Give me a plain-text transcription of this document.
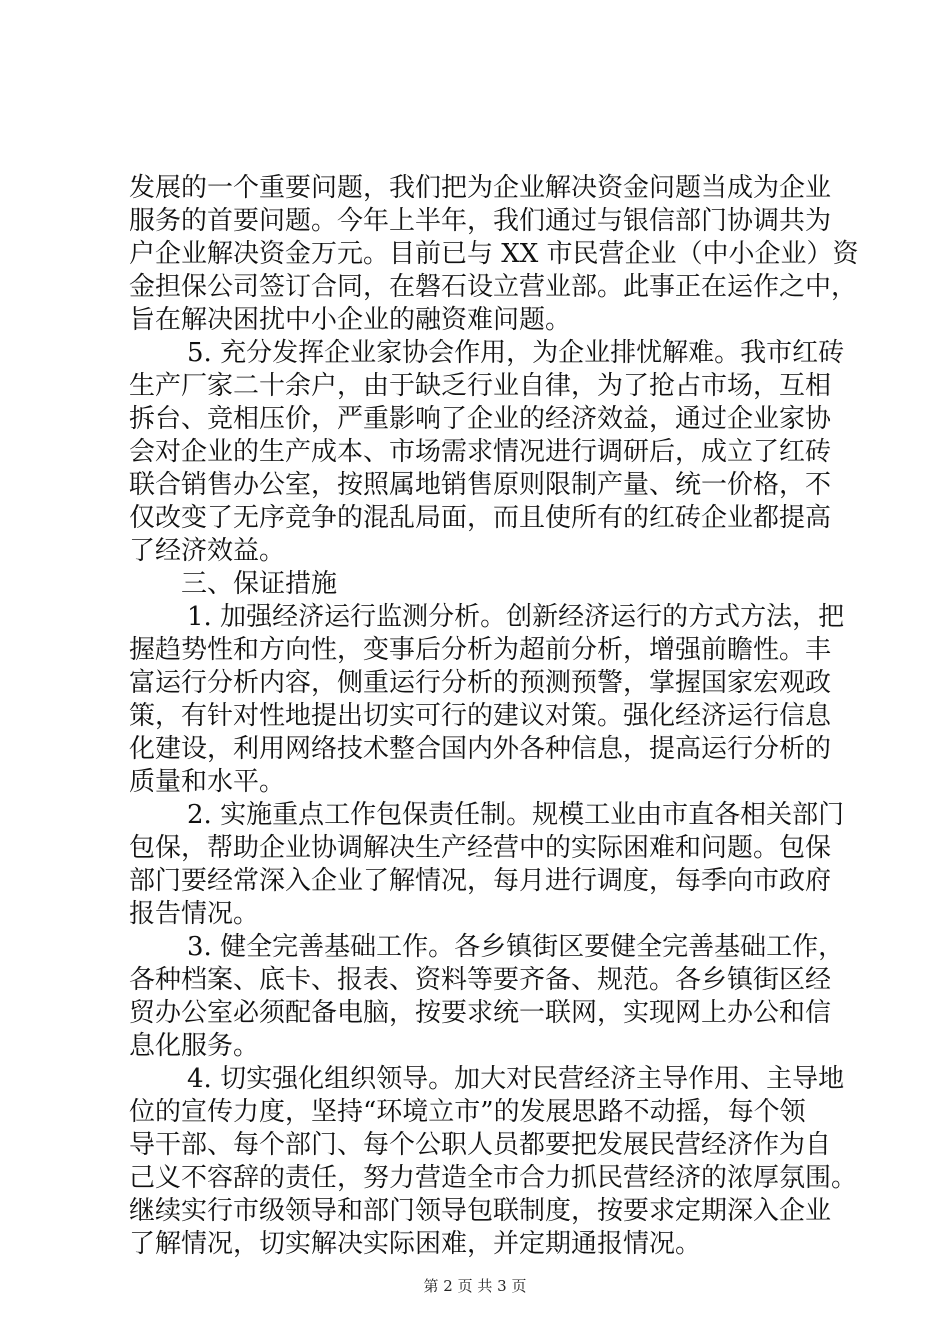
发展的一个重要问题，我们把为企业解决资金问题当成为企业
服务的首要问题。今年上半年，我们通过与银信部门协调共为
户企业解决资金万元。目前已与 XX 市民营企业（中小企业）资
金担保公司签订合同，在磐石设立营业部。此事正在运作之中，
旨在解决困扰中小企业的融资难问题。
5. 充分发挥企业家协会作用，为企业排忧解难。我市红砖
生产厂家二十余户，由于缺乏行业自律，为了抢占市场，互相
拆台、竞相压价，严重影响了企业的经济效益，通过企业家协
会对企业的生产成本、市场需求情况进行调研后，成立了红砖
联合销售办公室，按照属地销售原则限制产量、统一价格，不
仅改变了无序竞争的混乱局面，而且使所有的红砖企业都提高
了经济效益。
三、保证措施
1. 加强经济运行监测分析。创新经济运行的方式方法，把
握趋势性和方向性，变事后分析为超前分析，增强前瞻性。丰
富运行分析内容，侧重运行分析的预测预警，掌握国家宏观政
策，有针对性地提出切实可行的建议对策。强化经济运行信息
化建设，利用网络技术整合国内外各种信息，提高运行分析的
质量和水平。
2. 实施重点工作包保责任制。规模工业由市直各相关部门
包保，帮助企业协调解决生产经营中的实际困难和问题。包保
部门要经常深入企业了解情况，每月进行调度，每季向市政府
报告情况。
3. 健全完善基础工作。各乡镇街区要健全完善基础工作，
各种档案、底卡、报表、资料等要齐备、规范。各乡镇街区经
贸办公室必须配备电脑，按要求统一联网，实现网上办公和信
息化服务。
4. 切实强化组织领导。加大对民营经济主导作用、主导地
位的宣传力度，坚持“环境立市”的发展思路不动摇，每个领
导干部、每个部门、每个公职人员都要把发展民营经济作为自
己义不容辞的责任，努力营造全市合力抓民营经济的浓厚氛围。
继续实行市级领导和部门领导包联制度，按要求定期深入企业
了解情况，切实解决实际困难，并定期通报情况。
第 2 页 共 3 页
